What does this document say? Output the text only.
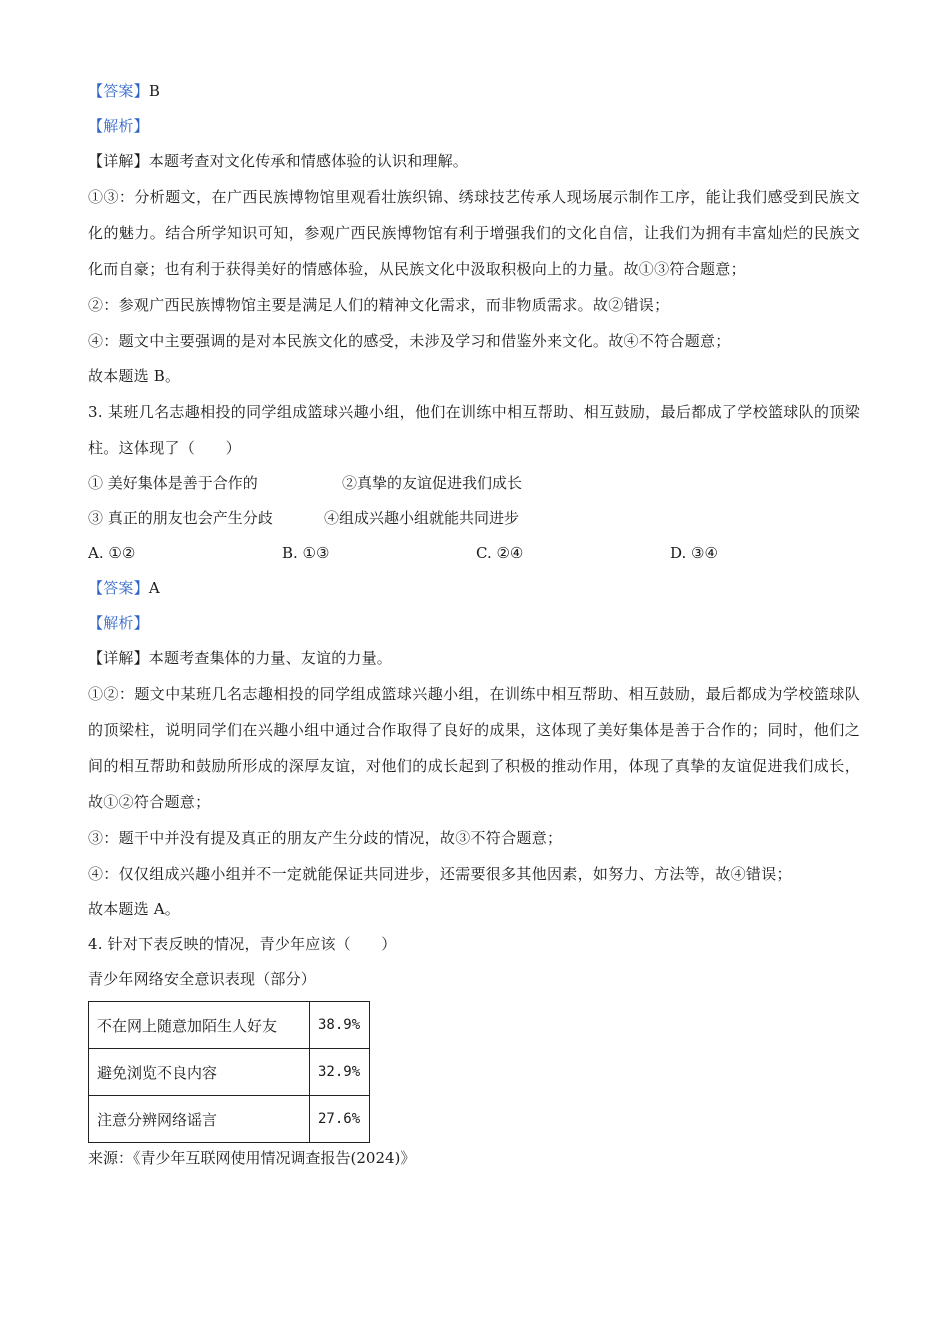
【答案】B
【解析】
【详解】本题考查对文化传承和情感体验的认识和理解。

①③：分析题文，在广西民族博物馆里观看壮族织锦、绣球技艺传承人现场展示制作工序，能让我们感受到民族文化的魅力。结合所学知识可知，参观广西民族博物馆有利于增强我们的文化自信，让我们为拥有丰富灿烂的民族文化而自豪；也有利于获得美好的情感体验，从民族文化中汲取积极向上的力量。故①③符合题意；

②：参观广西民族博物馆主要是满足人们的精神文化需求，而非物质需求。故②错误；

④：题文中主要强调的是对本民族文化的感受，未涉及学习和借鉴外来文化。故④不符合题意；

故本题选 B。

3. 某班几名志趣相投的同学组成篮球兴趣小组，他们在训练中相互帮助、相互鼓励，最后都成了学校篮球队的顶梁柱。这体现了（　　）

① 美好集体是善于合作的	②真挚的友谊促进我们成长
③ 真正的朋友也会产生分歧	④组成兴趣小组就能共同进步
A. ①②	B. ①③	C. ②④	D. ③④
【答案】A
【解析】
【详解】本题考查集体的力量、友谊的力量。

①②：题文中某班几名志趣相投的同学组成篮球兴趣小组，在训练中相互帮助、相互鼓励，最后都成为学校篮球队的顶梁柱，说明同学们在兴趣小组中通过合作取得了良好的成果，这体现了美好集体是善于合作的；同时，他们之间的相互帮助和鼓励所形成的深厚友谊，对他们的成长起到了积极的推动作用，体现了真挚的友谊促进我们成长，故①②符合题意；

③：题干中并没有提及真正的朋友产生分歧的情况，故③不符合题意；

④：仅仅组成兴趣小组并不一定就能保证共同进步，还需要很多其他因素，如努力、方法等，故④错误；

故本题选 A。
4. 针对下表反映的情况，青少年应该（　　）
青少年网络安全意识表现（部分）
不在网上随意加陌生人好友	38.9%
避免浏览不良内容	32.9%
注意分辨网络谣言	27.6%
来源：《青少年互联网使用情况调查报告(2024)》
